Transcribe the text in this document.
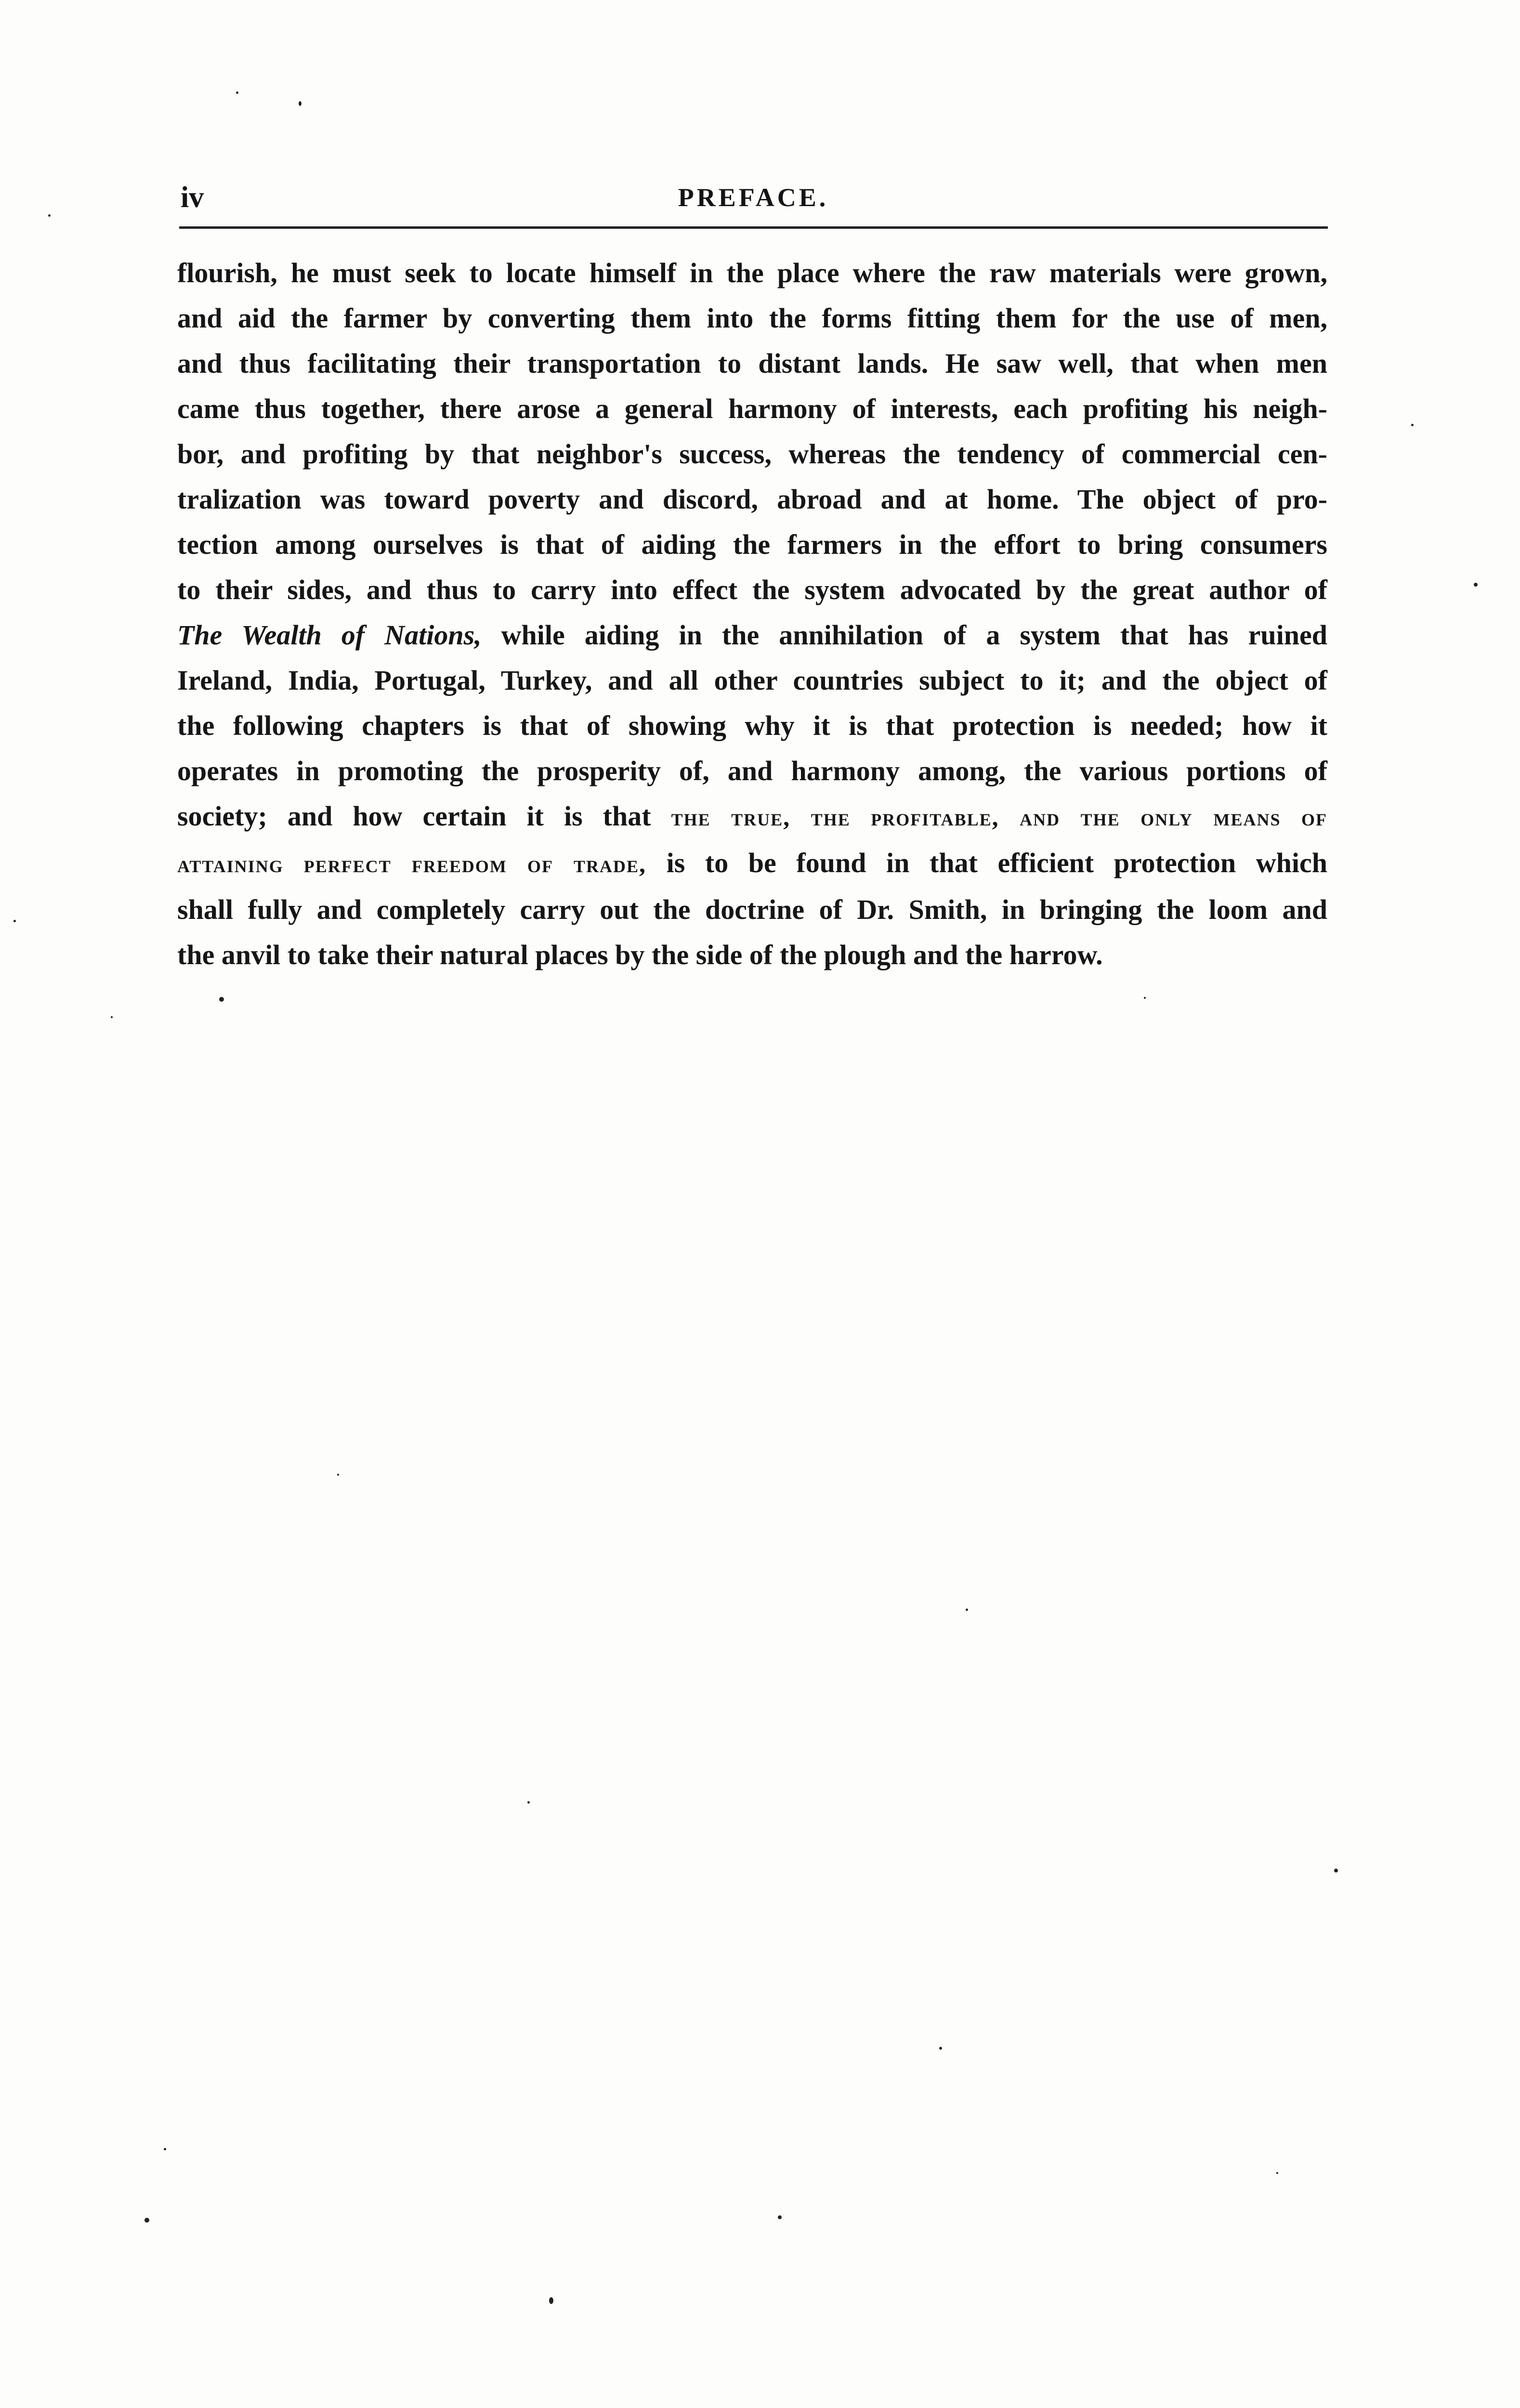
iv	PREFACE.
flourish, he must seek to locate himself in the place where the raw materials were grown,
and aid the farmer by converting them into the forms fitting them for the use of men,
and thus facilitating their transportation to distant lands. He saw well, that when men
came thus together, there arose a general harmony of interests, each profiting his neigh-
bor, and profiting by that neighbor's success, whereas the tendency of commercial cen-
tralization was toward poverty and discord, abroad and at home. The object of pro-
tection among ourselves is that of aiding the farmers in the effort to bring consumers
to their sides, and thus to carry into effect the system advocated by the great author of
The Wealth of Nations, while aiding in the annihilation of a system that has ruined
Ireland, India, Portugal, Turkey, and all other countries subject to it; and the object of
the following chapters is that of showing why it is that protection is needed; how it
operates in promoting the prosperity of, and harmony among, the various portions of
society; and how certain it is that the true, the profitable, and the only means of
attaining perfect freedom of trade, is to be found in that efficient protection which
shall fully and completely carry out the doctrine of Dr. Smith, in bringing the loom and
the anvil to take their natural places by the side of the plough and the harrow.
